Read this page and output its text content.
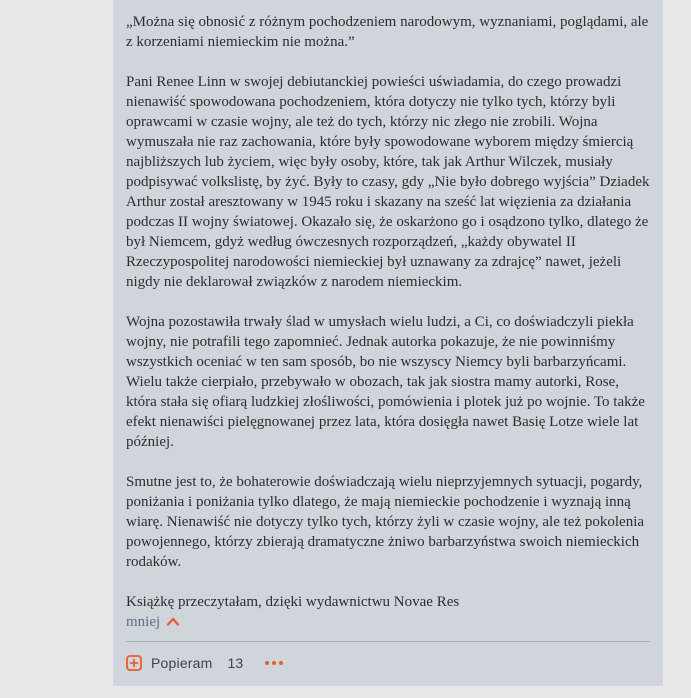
„Można się obnosić z różnym pochodzeniem narodowym, wyznaniami, poglądami, ale z korzeniami niemieckim nie można.”

Pani Renee Linn w swojej debiutanckiej powieści uświadamia, do czego prowadzi nienawiść spowodowana pochodzeniem, która dotyczy nie tylko tych, którzy byli oprawcami w czasie wojny, ale też do tych, którzy nic złego nie zrobili. Wojna wymuszała nie raz zachowania, które były spowodowane wyborem między śmiercią najbliższych lub życiem, więc były osoby, które, tak jak Arthur Wilczek, musiały podpisywać volkslistę, by żyć. Były to czasy, gdy „Nie było dobrego wyjścia” Dziadek Arthur został aresztowany w 1945 roku i skazany na sześć lat więzienia za działania podczas II wojny światowej. Okazało się, że oskarżono go i osądzono tylko, dlatego że był Niemcem, gdyż według ówczesnych rozporządzeń, „każdy obywatel II Rzeczypospolitej narodowości niemieckiej był uznawany za zdrajcę” nawet, jeżeli nigdy nie deklarował związków z narodem niemieckim.

Wojna pozostawiła trwały ślad w umysłach wielu ludzi, a Ci, co doświadczyli piekła wojny, nie potrafili tego zapomnieć. Jednak autorka pokazuje, że nie powinniśmy wszystkich oceniać w ten sam sposób, bo nie wszyscy Niemcy byli barbarzyńcami. Wielu także cierpiało, przebywało w obozach, tak jak siostra mamy autorki, Rose, która stała się ofiarą ludzkiej złośliwości, pomówienia i plotek już po wojnie. To także efekt nienawiści pielęgnowanej przez lata, która dosięgła nawet Basię Lotze wiele lat później.

Smutne jest to, że bohaterowie doświadczają wielu nieprzyjemnych sytuacji, pogardy, poniżania i poniżania tylko dlatego, że mają niemieckie pochodzenie i wyznają inną wiarę. Nienawiść nie dotyczy tylko tych, którzy żyli w czasie wojny, ale też pokolenia powojennego, którzy zbierają dramatyczne żniwo barbarzyństwa swoich niemieckich rodaków.

Książkę przeczytałam, dzięki wydawnictwu Novae Res

mniej
Popieram 13
